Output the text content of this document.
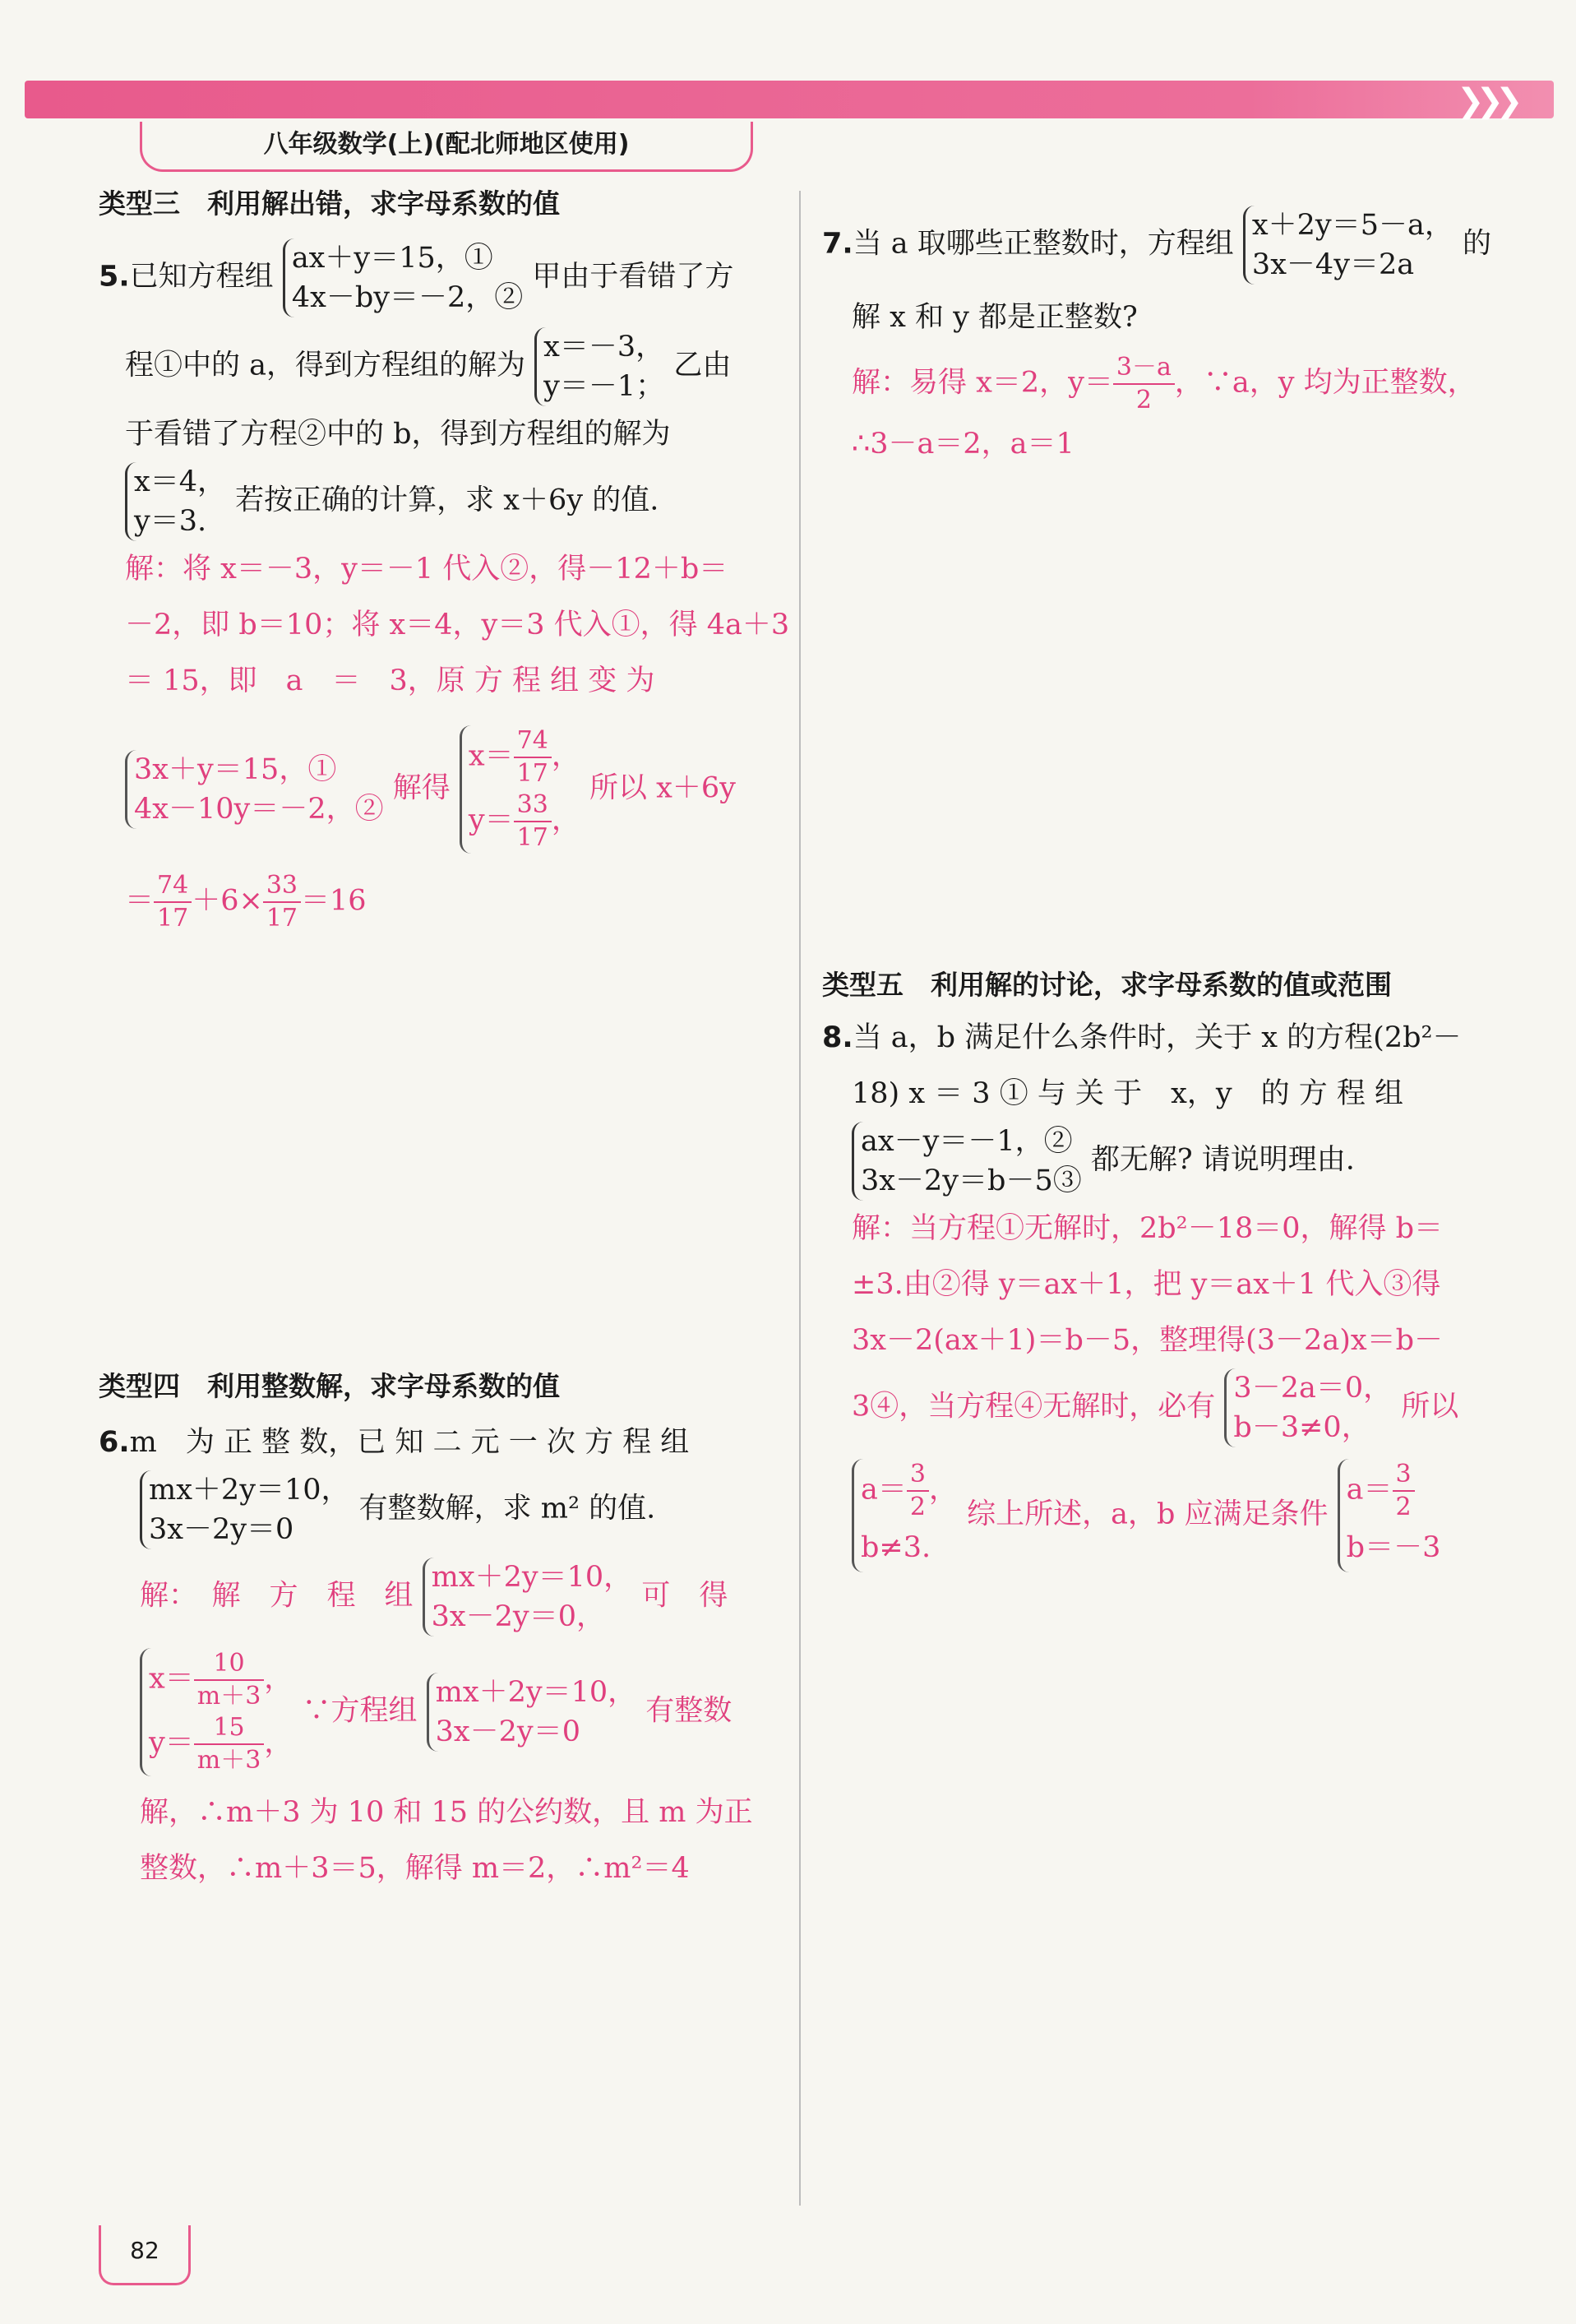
❯❯❯
八年级数学(上)(配北师地区使用)
类型三　利用解出错，求字母系数的值
5.已知方程组 ax＋y＝15，①
4x－by＝－2，② 甲由于看错了方
程①中的 a，得到方程组的解为 x＝－3，
y＝－1； 乙由
于看错了方程②中的 b，得到方程组的解为
x＝4，
y＝3. 若按正确的计算，求 x＋6y 的值.
解：将 x＝－3，y＝－1 代入②，得－12＋b＝
－2，即 b＝10；将 x＝4，y＝3 代入①，得 4a＋3
＝ 15，即　a　＝　3，原 方 程 组 变 为
3x＋y＝15，①
4x－10y＝－2，② 解得 $x= \frac{74}{17}$ ，
$y= \frac{33}{17}$ ， 所以 x＋6y
＝ $\frac{74}{17} +6\times \frac{33}{17} =16$
类型四　利用整数解，求字母系数的值
6.m　为 正 整 数，已 知 二 元 一 次 方 程 组
mx＋2y＝10，
3x－2y＝0 有整数解，求 m² 的值.
解：　解　方　程　组 mx＋2y＝10，
3x－2y＝0， 可　得
$x= \frac{10}{m+3}$ ，
$y= \frac{15}{m+3}$ ， ∵方程组 mx＋2y＝10，
3x－2y＝0 有整数
解，∴m＋3 为 10 和 15 的公约数，且 m 为正
整数，∴m＋3＝5，解得 m＝2，∴m²＝4
7.当 a 取哪些正整数时，方程组 x＋2y＝5－a，
3x－4y＝2a 的
解 x 和 y 都是正整数?
解：易得 x＝2，$y= \frac{3-a}{2}$ ，∵a，y 均为正整数，
∴3－a＝2，a＝1
类型五　利用解的讨论，求字母系数的值或范围
8.当 a，b 满足什么条件时，关于 x 的方程(2b²－
18) x ＝ 3 ① 与 关 于　x，y　的 方 程 组
ax－y＝－1，②
3x－2y＝b－5③ 都无解? 请说明理由.
解：当方程①无解时，2b²－18＝0，解得 b＝
±3.由②得 y＝ax＋1，把 y＝ax＋1 代入③得
3x－2(ax＋1)＝b－5，整理得(3－2a)x＝b－
3④，当方程④无解时，必有 3－2a＝0，
b－3≠0， 所以
$a= \frac{3}{2}$ ，
b≠3. 综上所述，a，b 应满足条件 $a= \frac{3}{2}$

b＝－3
82
